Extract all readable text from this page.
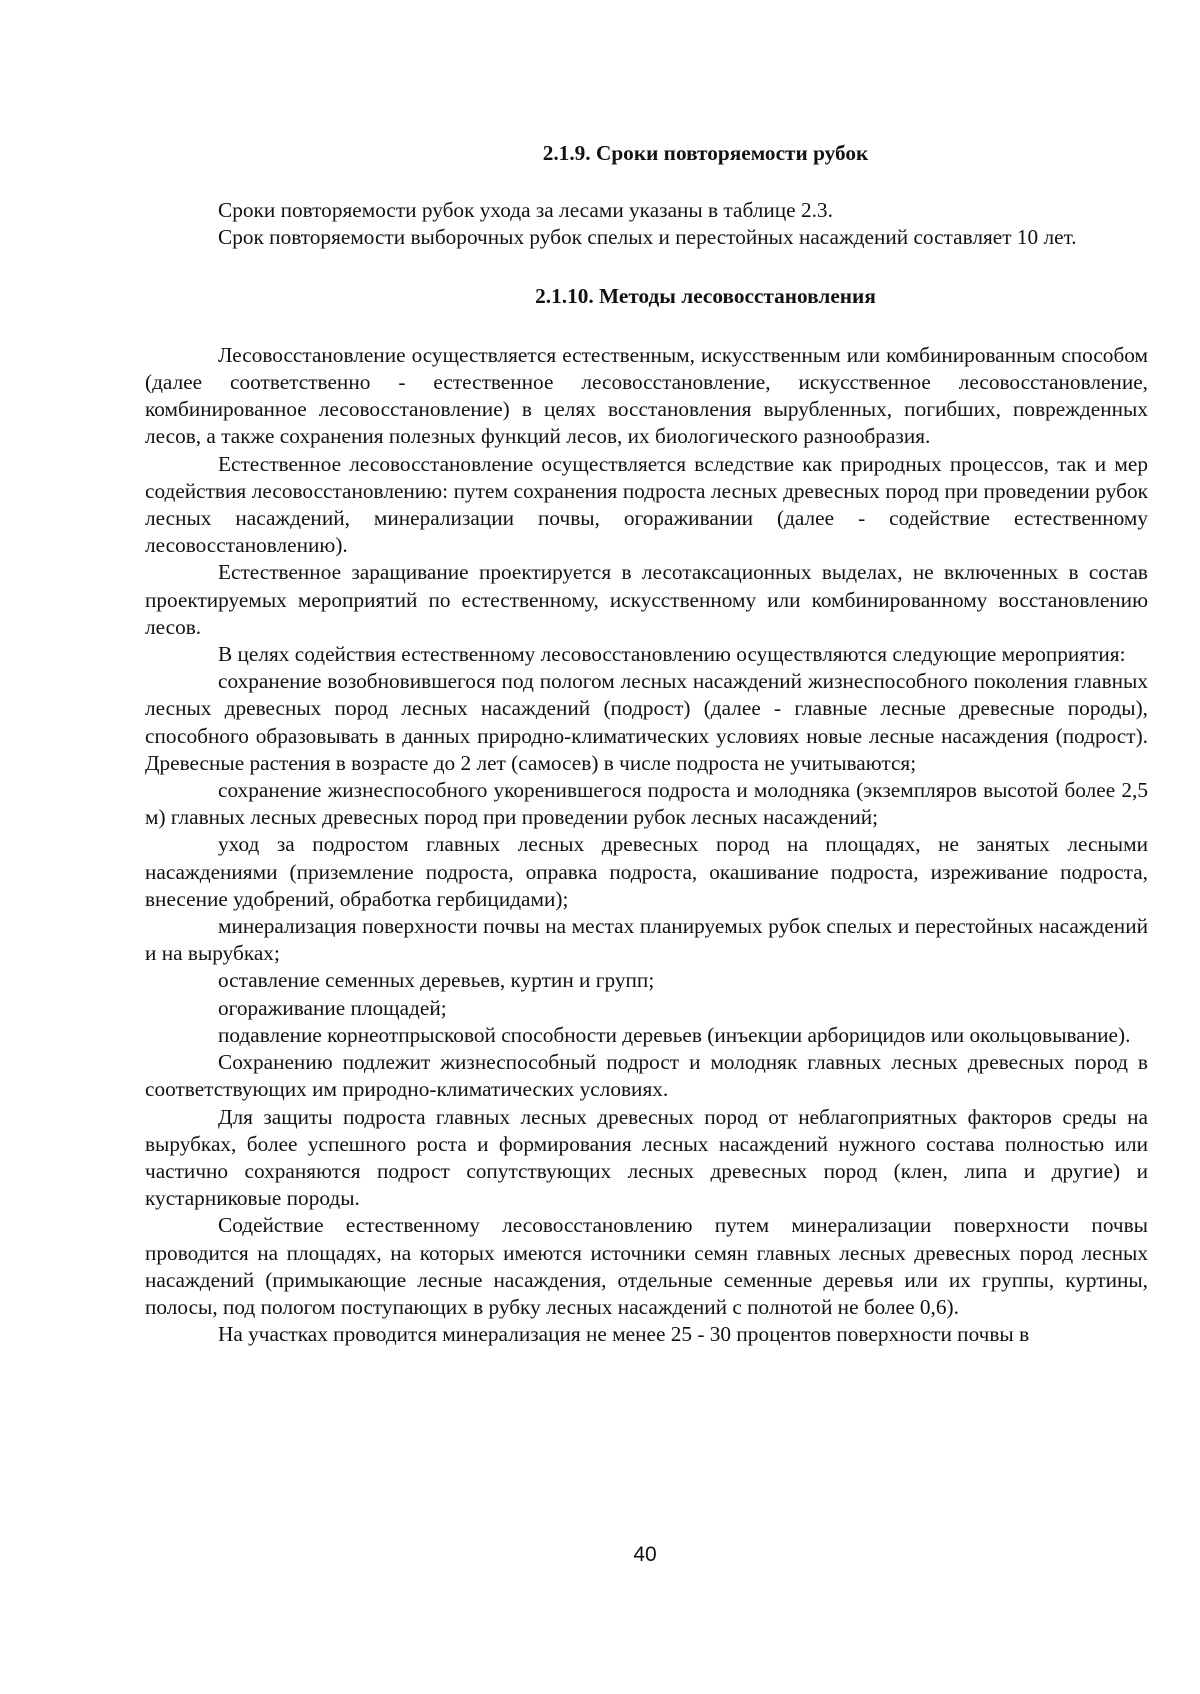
2.1.9. Сроки повторяемости рубок

Сроки повторяемости рубок ухода за лесами указаны в таблице 2.3.

Срок повторяемости выборочных рубок спелых и перестойных насаждений составляет 10 лет.

2.1.10. Методы лесовосстановления

Лесовосстановление осуществляется естественным, искусственным или комбинированным способом (далее соответственно - естественное лесовосстановление, искусственное лесовосстановление, комбинированное лесовосстановление) в целях восстановления вырубленных, погибших, поврежденных лесов, а также сохранения полезных функций лесов, их биологического разнообразия.

Естественное лесовосстановление осуществляется вследствие как природных процессов, так и мер содействия лесовосстановлению: путем сохранения подроста лесных древесных пород при проведении рубок лесных насаждений, минерализации почвы, огораживании (далее - содействие естественному лесовосстановлению).

Естественное заращивание проектируется в лесотаксационных выделах, не включенных в состав проектируемых мероприятий по естественному, искусственному или комбинированному восстановлению лесов.

В целях содействия естественному лесовосстановлению осуществляются следующие мероприятия:

сохранение возобновившегося под пологом лесных насаждений жизнеспособного поколения главных лесных древесных пород лесных насаждений (подрост) (далее - главные лесные древесные породы), способного образовывать в данных природно-климатических условиях новые лесные насаждения (подрост). Древесные растения в возрасте до 2 лет (самосев) в числе подроста не учитываются;

сохранение жизнеспособного укоренившегося подроста и молодняка (экземпляров высотой более 2,5 м) главных лесных древесных пород при проведении рубок лесных насаждений;

уход за подростом главных лесных древесных пород на площадях, не занятых лесными насаждениями (приземление подроста, оправка подроста, окашивание подроста, изреживание подроста, внесение удобрений, обработка гербицидами);

минерализация поверхности почвы на местах планируемых рубок спелых и перестойных насаждений и на вырубках;

оставление семенных деревьев, куртин и групп;

огораживание площадей;

подавление корнеотпрысковой способности деревьев (инъекции арборицидов или окольцовывание).

Сохранению подлежит жизнеспособный подрост и молодняк главных лесных древесных пород в соответствующих им природно-климатических условиях.

Для защиты подроста главных лесных древесных пород от неблагоприятных факторов среды на вырубках, более успешного роста и формирования лесных насаждений нужного состава полностью или частично сохраняются подрост сопутствующих лесных древесных пород (клен, липа и другие) и кустарниковые породы.

Содействие естественному лесовосстановлению путем минерализации поверхности почвы проводится на площадях, на которых имеются источники семян главных лесных древесных пород лесных насаждений (примыкающие лесные насаждения, отдельные семенные деревья или их группы, куртины, полосы, под пологом поступающих в рубку лесных насаждений с полнотой не более 0,6).

На участках проводится минерализация не менее 25 - 30 процентов поверхности почвы в

40
